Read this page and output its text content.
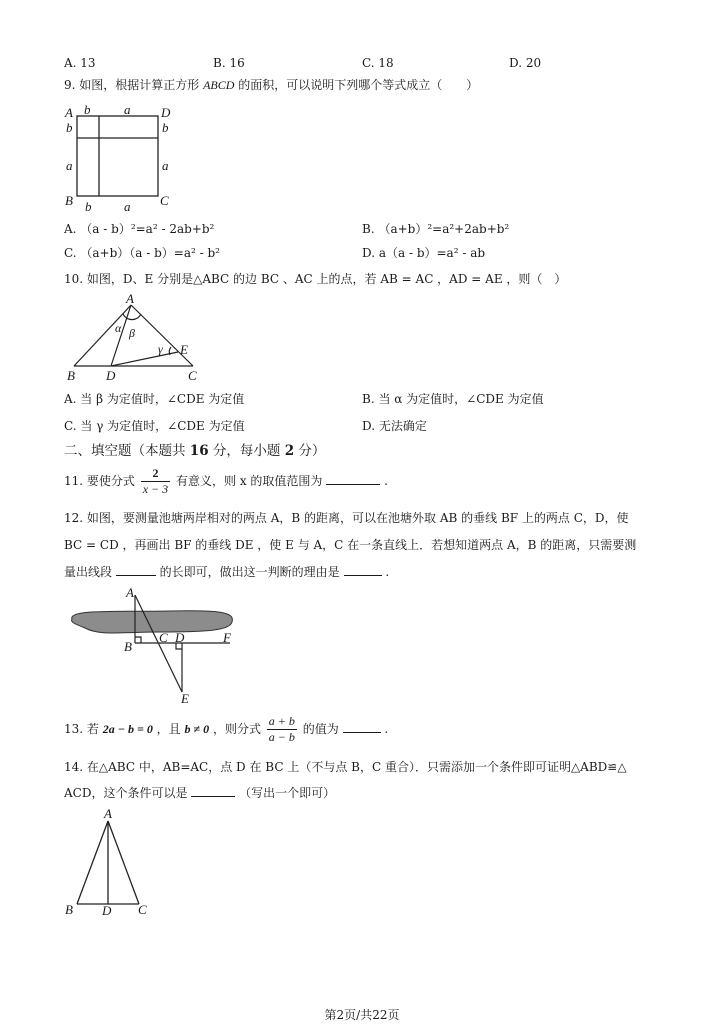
A. 13	B. 16	C. 18	D. 20
9. 如图，根据计算正方形 ABCD 的面积，可以说明下列哪个等式成立（　　）
A b	a D
b	b
a	a
B	C
b	a
A. （a - b）²=a² - 2ab+b²	B. （a+b）²=a²+2ab+b²
C. （a+b）（a - b）=a² - b²	D. a（a - b）=a² - ab
10. 如图，D、E 分别是△ABC 的边 BC 、AC 上的点，若 AB = AC ，AD = AE ，则（　）
A
α β
γ E
B D	C
A. 当 β 为定值时，∠CDE 为定值	B. 当 α 为定值时，∠CDE 为定值
C. 当 γ 为定值时，∠CDE 为定值	D. 无法确定
二、填空题（本题共 16 分，每小题 2 分）
11. 要使分式 $\frac{2}{x - 3}$ 有意义，则 x 的取值范围为	.
12. 如图，要测量池塘两岸相对的两点 A，B 的距离，可以在池塘外取 AB 的垂线 BF 上的两点 C，D，使
BC = CD ，再画出 BF 的垂线 DE ，使 E 与 A，C 在一条直线上．若想知道两点 A，B 的距离，只需要测
量出线段	的长即可，做出这一判断的理由是	.
A
B
C D	F
E
13. 若 2a − b = 0 ，且 b ≠ 0 ，则分式 $\frac{a + b}{a - b}$ 的值为	.
14. 在△ABC 中，AB=AC，点 D 在 BC 上（不与点 B，C 重合）．只需添加一个条件即可证明△ABD≌△
ACD，这个条件可以是	（写出一个即可）
A
B D C
第2页/共22页
